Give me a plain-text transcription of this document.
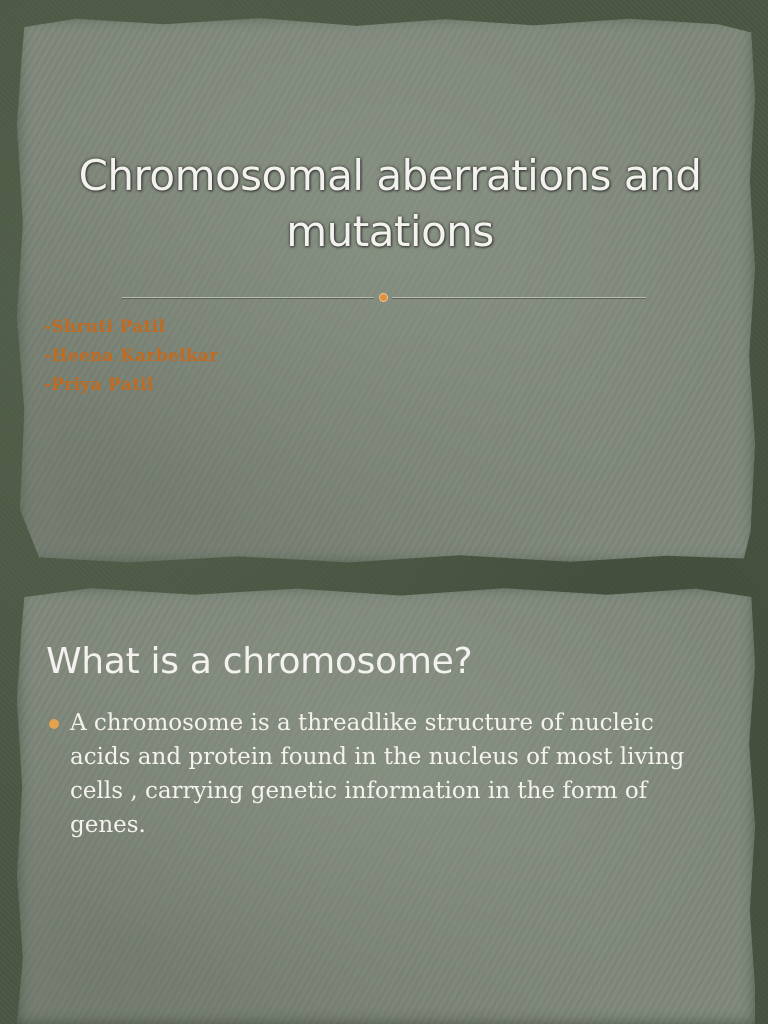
Chromosomal aberrations and mutations
-Shruti Patil
-Heena Karbelkar
-Priya Patil
What is a chromosome?
A chromosome is a threadlike structure of nucleic acids and protein found in the nucleus of most living cells , carrying genetic information in the form of genes.
